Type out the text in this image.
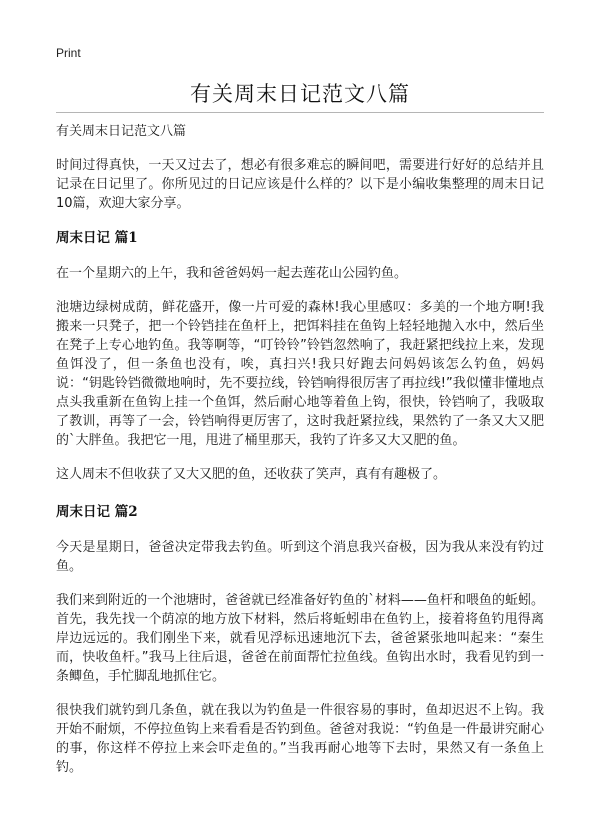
Print
有关周末日记范文八篇

有关周末日记范文八篇

时间过得真快，一天又过去了，想必有很多难忘的瞬间吧，需要进行好好的总结并且记录在日记里了。你所见过的日记应该是什么样的？以下是小编收集整理的周末日记10篇，欢迎大家分享。

周末日记 篇1

在一个星期六的上午，我和爸爸妈妈一起去莲花山公园钓鱼。

池塘边绿树成荫，鲜花盛开，像一片可爱的森林!我心里感叹：多美的一个地方啊!我搬来一只凳子，把一个铃铛挂在鱼杆上，把饵料挂在鱼钩上轻轻地抛入水中，然后坐在凳子上专心地钓鱼。我等啊等，“叮铃铃”铃铛忽然响了，我赶紧把线拉上来，发现鱼饵没了，但一条鱼也没有，唉，真扫兴!我只好跑去问妈妈该怎么钓鱼，妈妈说：“钥匙铃铛微微地响时，先不要拉线，铃铛响得很厉害了再拉线!”我似懂非懂地点点头我重新在鱼钩上挂一个鱼饵，然后耐心地等着鱼上钩，很快，铃铛响了，我吸取了教训，再等了一会，铃铛响得更厉害了，这时我赶紧拉线，果然钓了一条又大又肥的`大胖鱼。我把它一甩，甩进了桶里那天，我钓了许多又大又肥的鱼。

这人周末不但收获了又大又肥的鱼，还收获了笑声，真有有趣极了。

周末日记 篇2

今天是星期日，爸爸决定带我去钓鱼。听到这个消息我兴奋极，因为我从来没有钓过鱼。

我们来到附近的一个池塘时，爸爸就已经准备好钓鱼的`材料——鱼杆和喂鱼的蚯蚓。首先，我先找一个荫凉的地方放下材料，然后将蚯蚓串在鱼钓上，接着将鱼钓甩得离岸边远远的。我们刚坐下来，就看见浮标迅速地沉下去，爸爸紧张地叫起来：“秦生而，快收鱼杆。”我马上往后退，爸爸在前面帮忙拉鱼线。鱼钩出水时，我看见钓到一条鲫鱼，手忙脚乱地抓住它。

很快我们就钓到几条鱼，就在我以为钓鱼是一件很容易的事时，鱼却迟迟不上钩。我开始不耐烦，不停拉鱼钩上来看看是否钓到鱼。爸爸对我说：“钓鱼是一件最讲究耐心的事，你这样不停拉上来会吓走鱼的。”当我再耐心地等下去时，果然又有一条鱼上钓。
